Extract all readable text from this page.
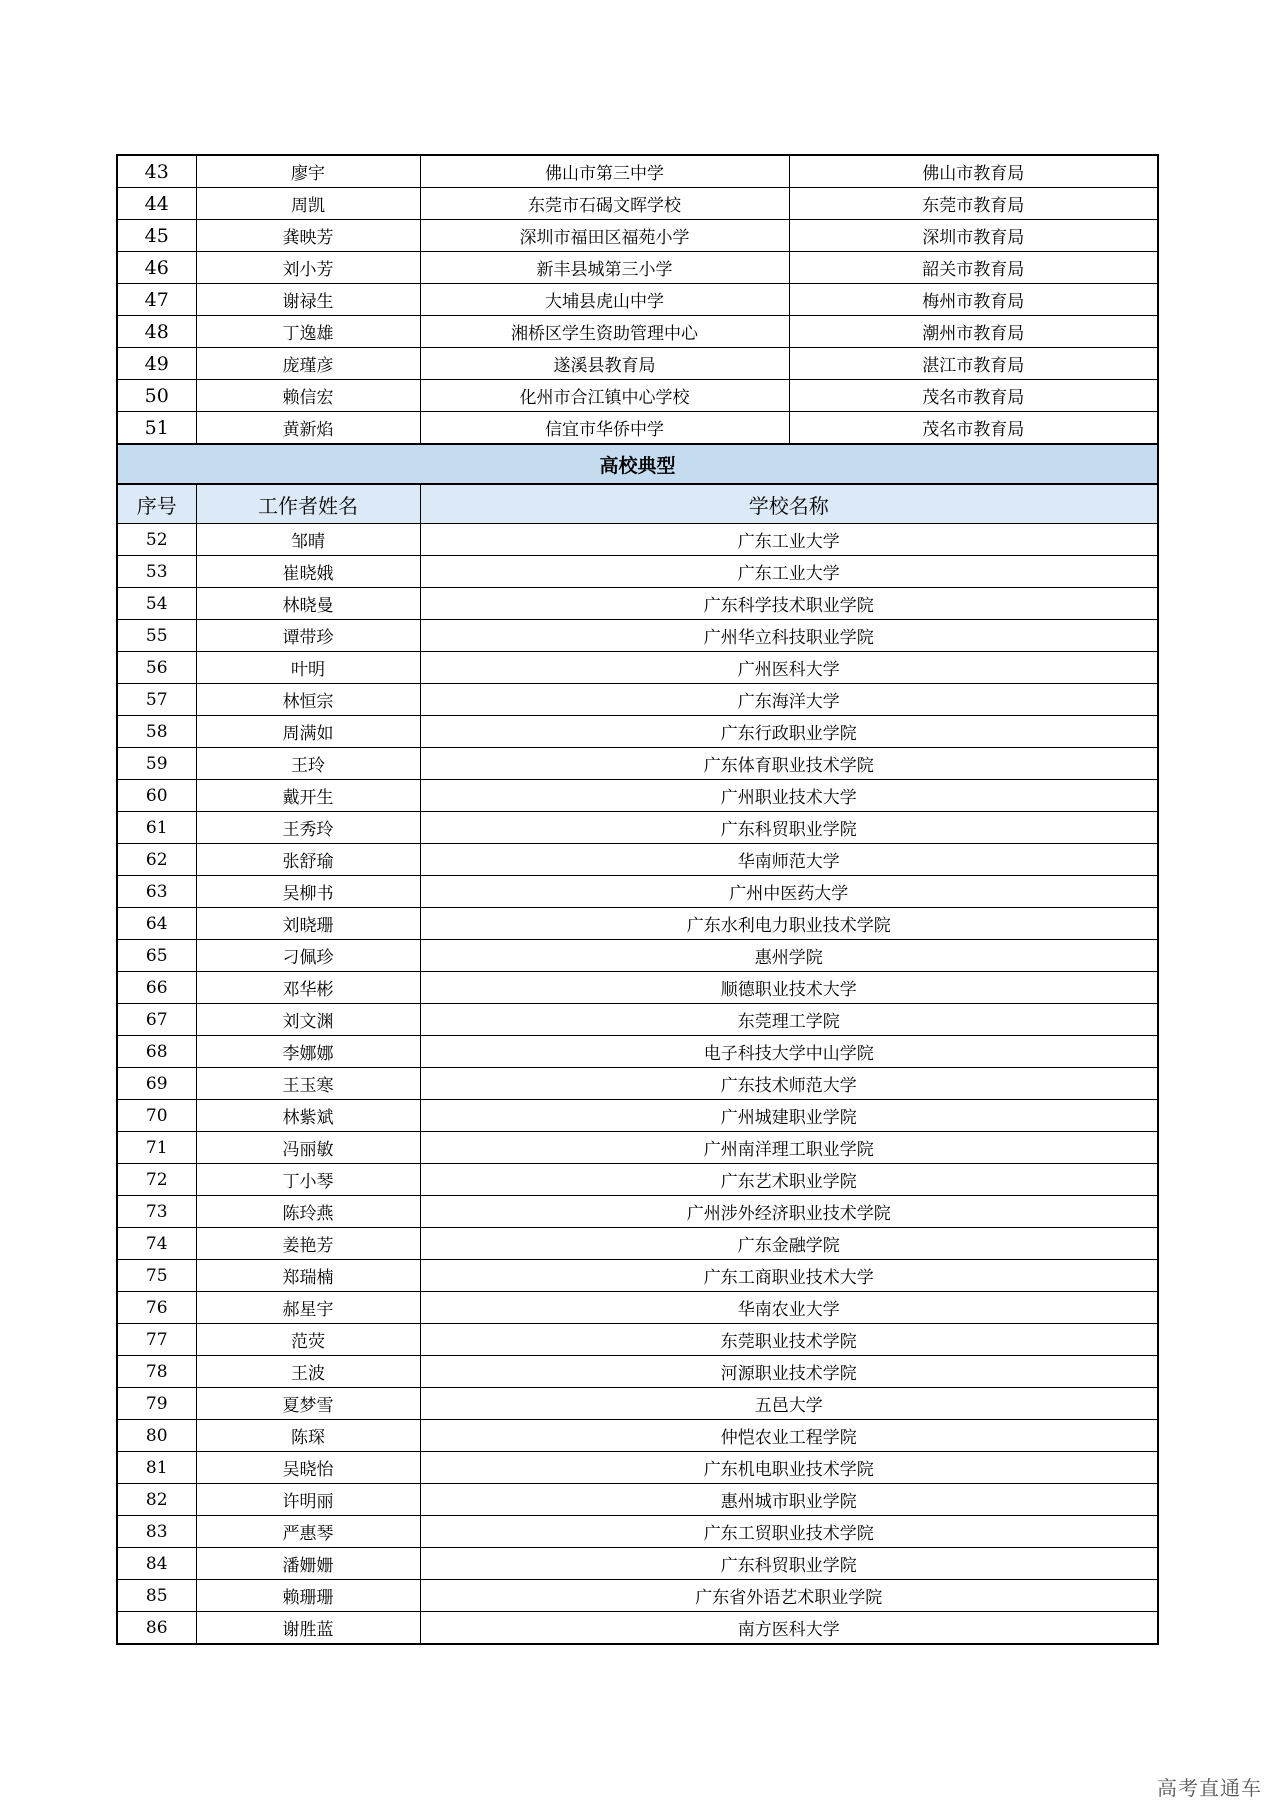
43	廖宇	佛山市第三中学	佛山市教育局
44	周凯	东莞市石碣文晖学校	东莞市教育局
45	龚映芳	深圳市福田区福苑小学	深圳市教育局
46	刘小芳	新丰县城第三小学	韶关市教育局
47	谢禄生	大埔县虎山中学	梅州市教育局
48	丁逸雄	湘桥区学生资助管理中心	潮州市教育局
49	庞瑾彦	遂溪县教育局	湛江市教育局
50	赖信宏	化州市合江镇中心学校	茂名市教育局
51	黄新焰	信宜市华侨中学	茂名市教育局
高校典型			
序号	工作者姓名	学校名称	
52	邹晴	广东工业大学	
53	崔晓娥	广东工业大学	
54	林晓曼	广东科学技术职业学院	
55	谭带珍	广州华立科技职业学院	
56	叶明	广州医科大学	
57	林恒宗	广东海洋大学	
58	周满如	广东行政职业学院	
59	王玲	广东体育职业技术学院	
60	戴开生	广州职业技术大学	
61	王秀玲	广东科贸职业学院	
62	张舒瑜	华南师范大学	
63	吴柳书	广州中医药大学	
64	刘晓珊	广东水利电力职业技术学院	
65	刁佩珍	惠州学院	
66	邓华彬	顺德职业技术大学	
67	刘文渊	东莞理工学院	
68	李娜娜	电子科技大学中山学院	
69	王玉寒	广东技术师范大学	
70	林紫斌	广州城建职业学院	
71	冯丽敏	广州南洋理工职业学院	
72	丁小琴	广东艺术职业学院	
73	陈玲燕	广州涉外经济职业技术学院	
74	姜艳芳	广东金融学院	
75	郑瑞楠	广东工商职业技术大学	
76	郝星宇	华南农业大学	
77	范荧	东莞职业技术学院	
78	王波	河源职业技术学院	
79	夏梦雪	五邑大学	
80	陈琛	仲恺农业工程学院	
81	吴晓怡	广东机电职业技术学院	
82	许明丽	惠州城市职业学院	
83	严惠琴	广东工贸职业技术学院	
84	潘姗姗	广东科贸职业学院	
85	赖珊珊	广东省外语艺术职业学院	
86	谢胜蓝	南方医科大学	
高考直通车
